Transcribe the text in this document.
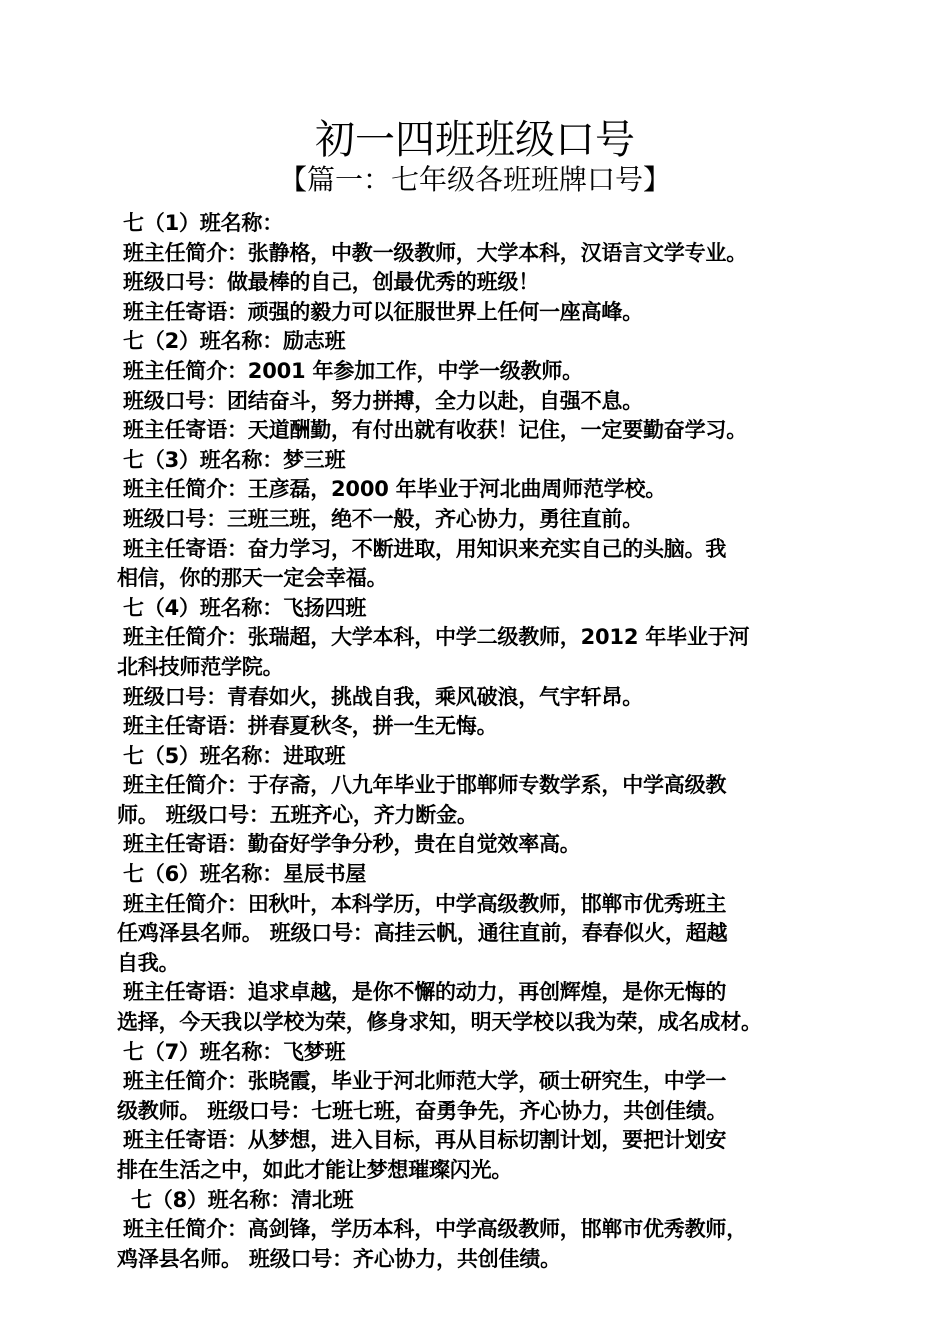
初一四班班级口号
【篇一：七年级各班班牌口号】

七（1）班名称：

班主任简介：张静格，中教一级教师，大学本科，汉语言文学专业。

班级口号：做最棒的自己，创最优秀的班级！

班主任寄语：顽强的毅力可以征服世界上任何一座高峰。

七（2）班名称：励志班

班主任简介：2001 年参加工作，中学一级教师。

班级口号：团结奋斗，努力拼搏，全力以赴，自强不息。

班主任寄语：天道酬勤，有付出就有收获！记住，一定要勤奋学习。

七（3）班名称：梦三班

班主任简介：王彦磊，2000 年毕业于河北曲周师范学校。

班级口号：三班三班，绝不一般，齐心协力，勇往直前。

班主任寄语：奋力学习，不断进取，用知识来充实自己的头脑。我

相信，你的那天一定会幸福。

七（4）班名称：飞扬四班

班主任简介：张瑞超，大学本科，中学二级教师，2012 年毕业于河

北科技师范学院。

班级口号：青春如火，挑战自我，乘风破浪，气宇轩昂。

班主任寄语：拼春夏秋冬，拼一生无悔。

七（5）班名称：进取班

班主任简介：于存斋，八九年毕业于邯郸师专数学系，中学高级教

师。 班级口号：五班齐心，齐力断金。

班主任寄语：勤奋好学争分秒，贵在自觉效率高。

七（6）班名称：星辰书屋

班主任简介：田秋叶，本科学历，中学高级教师，邯郸市优秀班主

任鸡泽县名师。 班级口号：高挂云帆，通往直前，春春似火，超越

自我。

班主任寄语：追求卓越，是你不懈的动力，再创辉煌，是你无悔的

选择，今天我以学校为荣，修身求知，明天学校以我为荣，成名成材。

七（7）班名称：飞梦班

班主任简介：张晓霞，毕业于河北师范大学，硕士研究生，中学一

级教师。 班级口号：七班七班，奋勇争先，齐心协力，共创佳绩。

班主任寄语：从梦想，进入目标，再从目标切割计划，要把计划安

排在生活之中，如此才能让梦想璀璨闪光。

七（8）班名称：清北班

班主任简介：高剑锋，学历本科，中学高级教师，邯郸市优秀教师，

鸡泽县名师。 班级口号：齐心协力，共创佳绩。
